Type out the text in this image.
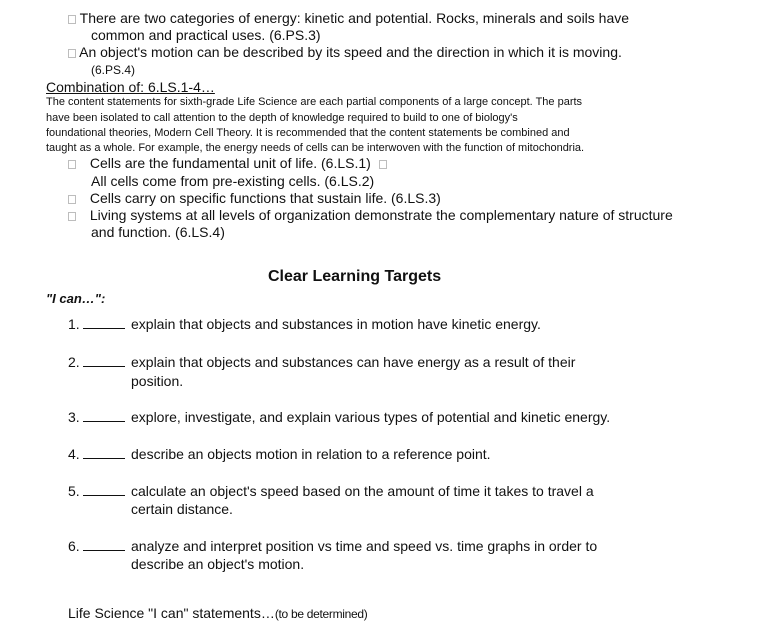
There are two categories of energy: kinetic and potential. Rocks, minerals and soils have
common and practical uses. (6.PS.3)
An object's motion can be described by its speed and the direction in which it is moving.
(6.PS.4)
Combination of: 6.LS.1-4…
The content statements for sixth-grade Life Science are each partial components of a large concept. The parts
have been isolated to call attention to the depth of knowledge required to build to one of biology's
foundational theories, Modern Cell Theory. It is recommended that the content statements be combined and
taught as a whole. For example, the energy needs of cells can be interwoven with the function of mitochondria.
Cells are the fundamental unit of life. (6.LS.1)
All cells come from pre-existing cells. (6.LS.2)
Cells carry on specific functions that sustain life. (6.LS.3)
Living systems at all levels of organization demonstrate the complementary nature of structure
and function. (6.LS.4)
Clear Learning Targets
"I can…":
1.	explain that objects and substances in motion have kinetic energy.
2.	explain that objects and substances can have energy as a result of their
position.
3.	explore, investigate, and explain various types of potential and kinetic energy.
4.	describe an objects motion in relation to a reference point.
5.	calculate an object's speed based on the amount of time it takes to travel a
certain distance.
6.	analyze and interpret position vs time and speed vs. time graphs in order to
describe an object's motion.
Life Science "I can" statements…(to be determined)
